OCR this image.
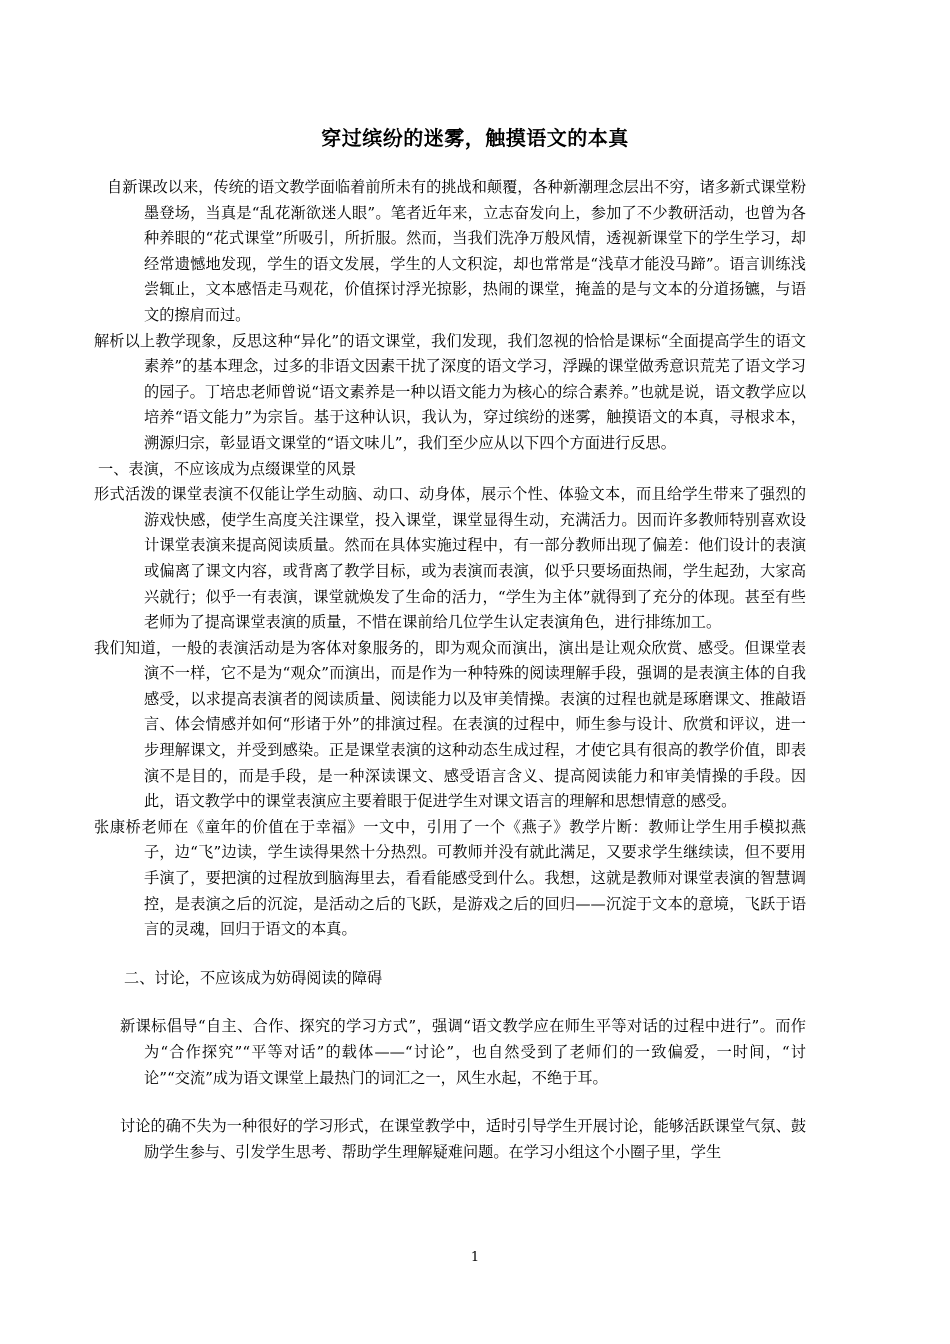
穿过缤纷的迷雾，触摸语文的本真

自新课改以来，传统的语文教学面临着前所未有的挑战和颠覆，各种新潮理念层出不穷，诸多新式课堂粉墨登场，当真是“乱花渐欲迷人眼”。笔者近年来，立志奋发向上，参加了不少教研活动，也曾为各种养眼的“花式课堂”所吸引，所折服。然而，当我们洗净万般风情，透视新课堂下的学生学习，却经常遗憾地发现，学生的语文发展，学生的人文积淀，却也常常是“浅草才能没马蹄”。语言训练浅尝辄止，文本感悟走马观花，价值探讨浮光掠影，热闹的课堂，掩盖的是与文本的分道扬镳，与语文的擦肩而过。

解析以上教学现象，反思这种“异化”的语文课堂，我们发现，我们忽视的恰恰是课标“全面提高学生的语文素养”的基本理念，过多的非语文因素干扰了深度的语文学习，浮躁的课堂做秀意识荒芜了语文学习的园子。丁培忠老师曾说“语文素养是一种以语文能力为核心的综合素养。”也就是说，语文教学应以培养“语文能力”为宗旨。基于这种认识，我认为，穿过缤纷的迷雾，触摸语文的本真，寻根求本，溯源归宗，彰显语文课堂的“语文味儿”，我们至少应从以下四个方面进行反思。

一、表演，不应该成为点缀课堂的风景

形式活泼的课堂表演不仅能让学生动脑、动口、动身体，展示个性、体验文本，而且给学生带来了强烈的游戏快感，使学生高度关注课堂，投入课堂，课堂显得生动，充满活力。因而许多教师特别喜欢设计课堂表演来提高阅读质量。然而在具体实施过程中，有一部分教师出现了偏差：他们设计的表演或偏离了课文内容，或背离了教学目标，或为表演而表演，似乎只要场面热闹，学生起劲，大家高兴就行；似乎一有表演，课堂就焕发了生命的活力，“学生为主体”就得到了充分的体现。甚至有些老师为了提高课堂表演的质量，不惜在课前给几位学生认定表演角色，进行排练加工。

我们知道，一般的表演活动是为客体对象服务的，即为观众而演出，演出是让观众欣赏、感受。但课堂表演不一样，它不是为“观众”而演出，而是作为一种特殊的阅读理解手段，强调的是表演主体的自我感受，以求提高表演者的阅读质量、阅读能力以及审美情操。表演的过程也就是琢磨课文、推敲语言、体会情感并如何“形诸于外”的排演过程。在表演的过程中，师生参与设计、欣赏和评议，进一步理解课文，并受到感染。正是课堂表演的这种动态生成过程，才使它具有很高的教学价值，即表演不是目的，而是手段，是一种深读课文、感受语言含义、提高阅读能力和审美情操的手段。因此，语文教学中的课堂表演应主要着眼于促进学生对课文语言的理解和思想情意的感受。

张康桥老师在《童年的价值在于幸福》一文中，引用了一个《燕子》教学片断：教师让学生用手模拟燕子，边“飞”边读，学生读得果然十分热烈。可教师并没有就此满足，又要求学生继续读，但不要用手演了，要把演的过程放到脑海里去，看看能感受到什么。我想，这就是教师对课堂表演的智慧调控，是表演之后的沉淀，是活动之后的飞跃，是游戏之后的回归——沉淀于文本的意境，飞跃于语言的灵魂，回归于语文的本真。

二、讨论，不应该成为妨碍阅读的障碍

新课标倡导“自主、合作、探究的学习方式”，强调“语文教学应在师生平等对话的过程中进行”。而作为“合作探究”“平等对话”的载体——“讨论”，也自然受到了老师们的一致偏爱，一时间，“讨论”“交流”成为语文课堂上最热门的词汇之一，风生水起，不绝于耳。

讨论的确不失为一种很好的学习形式，在课堂教学中，适时引导学生开展讨论，能够活跃课堂气氛、鼓励学生参与、引发学生思考、帮助学生理解疑难问题。在学习小组这个小圈子里，学生

1
